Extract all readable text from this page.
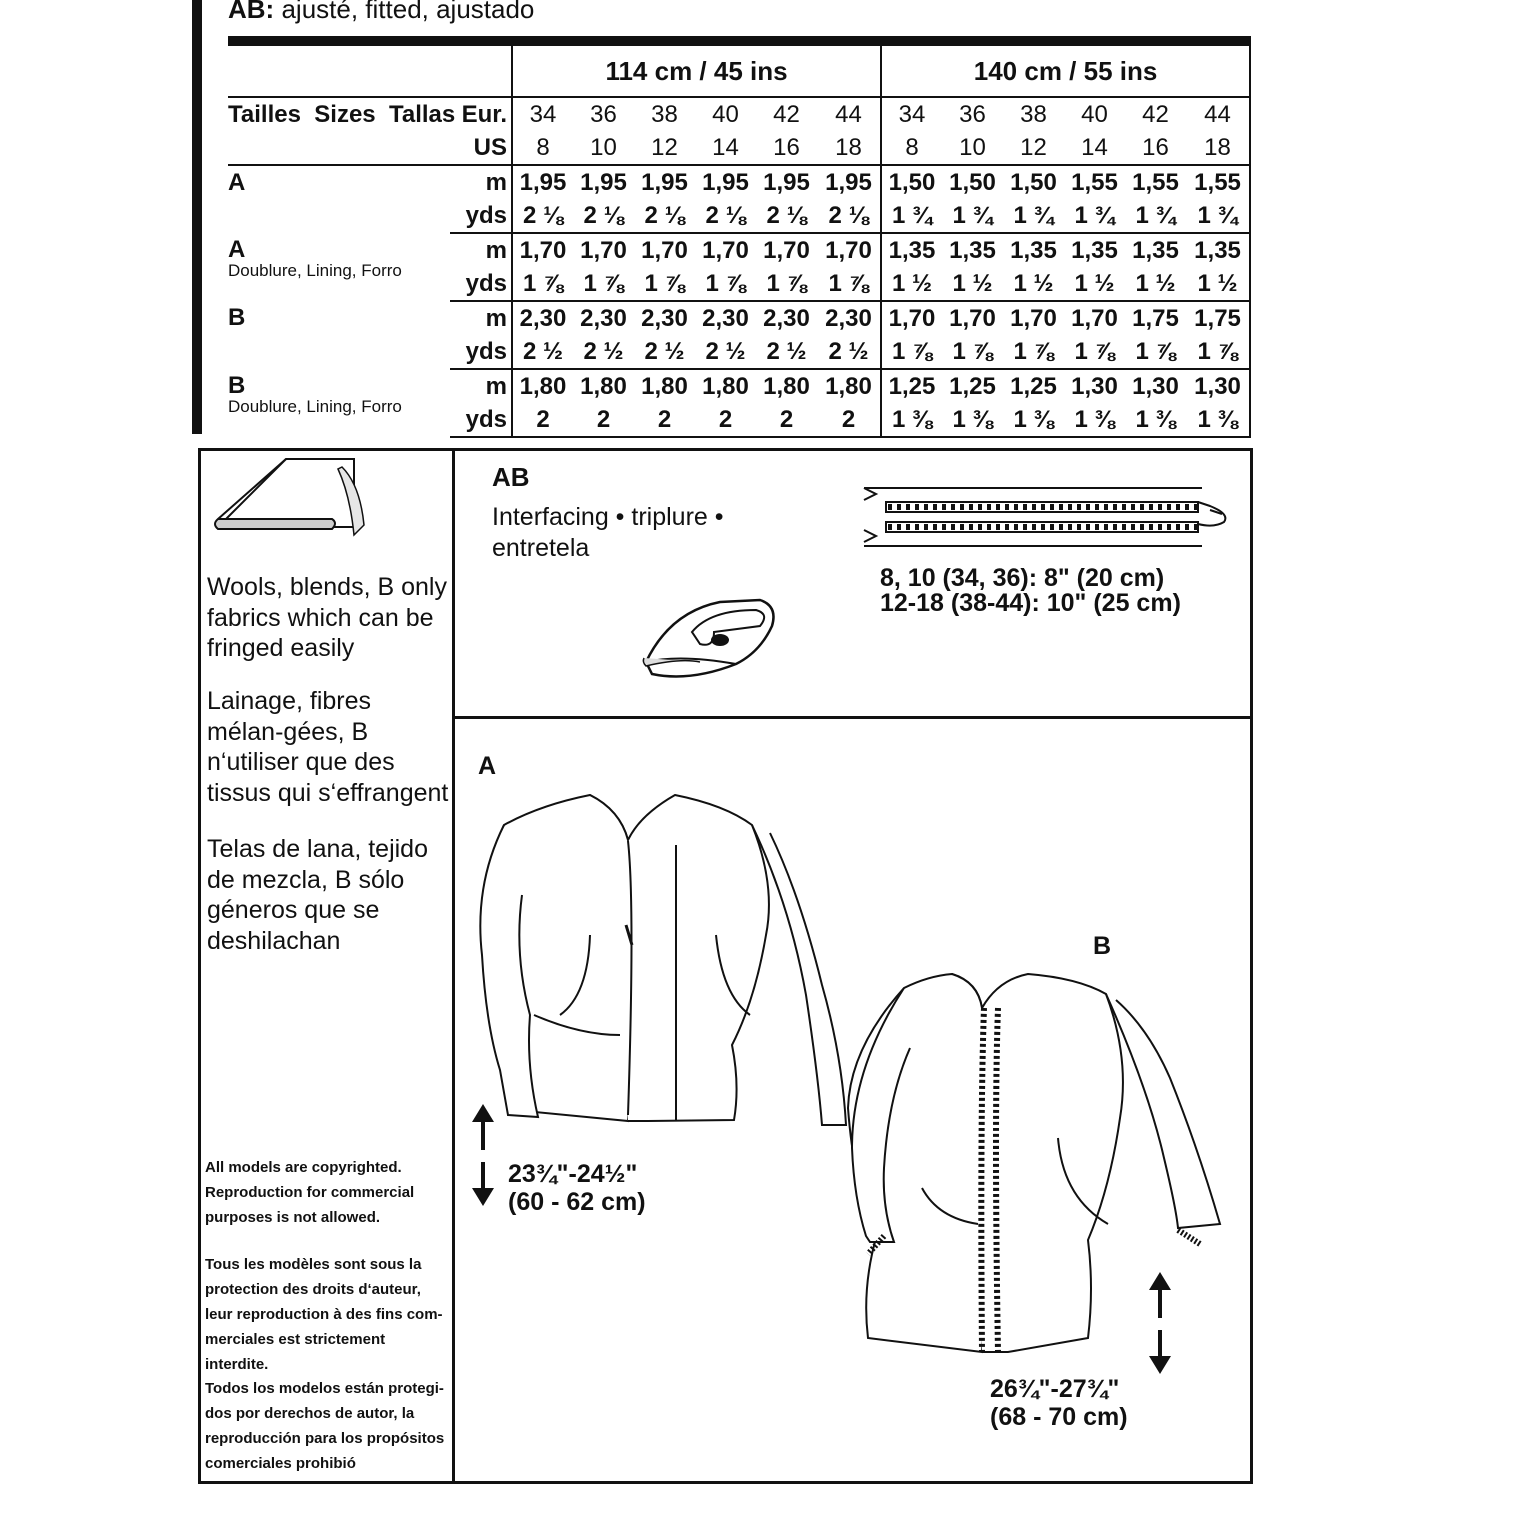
AB: ajusté, fitted, ajustado
		114 cm / 45 ins						140 cm / 55 ins					
Tailles  Sizes  Tallas	Eur.	34	36	38	40	42	44	34	36	38	40	42	44
	US	8	10	12	14	16	18	8	10	12	14	16	18
A	m	1,95	1,95	1,95	1,95	1,95	1,95	1,50	1,50	1,50	1,55	1,55	1,55
	yds	2 ⅛	2 ⅛	2 ⅛	2 ⅛	2 ⅛	2 ⅛	1 ¾	1 ¾	1 ¾	1 ¾	1 ¾	1 ¾
A
Doublure, Lining, Forro	m	1,70	1,70	1,70	1,70	1,70	1,70	1,35	1,35	1,35	1,35	1,35	1,35
	yds	1 ⅞	1 ⅞	1 ⅞	1 ⅞	1 ⅞	1 ⅞	1 ½	1 ½	1 ½	1 ½	1 ½	1 ½
B	m	2,30	2,30	2,30	2,30	2,30	2,30	1,70	1,70	1,70	1,70	1,75	1,75
	yds	2 ½	2 ½	2 ½	2 ½	2 ½	2 ½	1 ⅞	1 ⅞	1 ⅞	1 ⅞	1 ⅞	1 ⅞
B
Doublure, Lining, Forro	m	1,80	1,80	1,80	1,80	1,80	1,80	1,25	1,25	1,25	1,30	1,30	1,30
	yds	2	2	2	2	2	2	1 ⅜	1 ⅜	1 ⅜	1 ⅜	1 ⅜	1 ⅜
Wools, blends, B only fabrics which can be fringed easily
Lainage, fibres mélan-gées, B n‘utiliser que des tissus qui s‘effrangent
Telas de lana, tejido de mezcla, B sólo géneros que se deshilachan
All models are copyrighted. Reproduction for commercial purposes is not allowed.
Tous les modèles sont sous la protection des droits d‘auteur, leur reproduction à des fins com-merciales est strictement interdite.
Todos los modelos están protegi-dos por derechos de autor, la reproducción para los propósitos comerciales prohibió
AB
Interfacing • triplure • entretela
8, 10 (34, 36): 8" (20 cm)
12-18 (38-44): 10" (25 cm)
A
23¾"-24½"
(60 - 62 cm)
B
26¾"-27¾"
(68 - 70 cm)
